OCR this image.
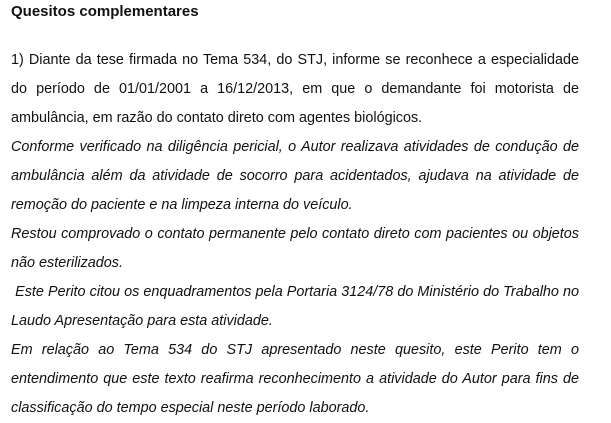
Quesitos complementares

1) Diante da tese firmada no Tema 534, do STJ, informe se reconhece a especialidade do período de 01/01/2001 a 16/12/2013, em que o demandante foi motorista de ambulância, em razão do contato direto com agentes biológicos.

Conforme verificado na diligência pericial, o Autor realizava atividades de condução de ambulância além da atividade de socorro para acidentados, ajudava na atividade de remoção do paciente e na limpeza interna do veículo.

Restou comprovado o contato permanente pelo contato direto com pacientes ou objetos não esterilizados.

Este Perito citou os enquadramentos pela Portaria 3124/78 do Ministério do Trabalho no Laudo Apresentação para esta atividade.

Em relação ao Tema 534 do STJ apresentado neste quesito, este Perito tem o entendimento que este texto reafirma reconhecimento a atividade do Autor para fins de classificação do tempo especial neste período laborado.
